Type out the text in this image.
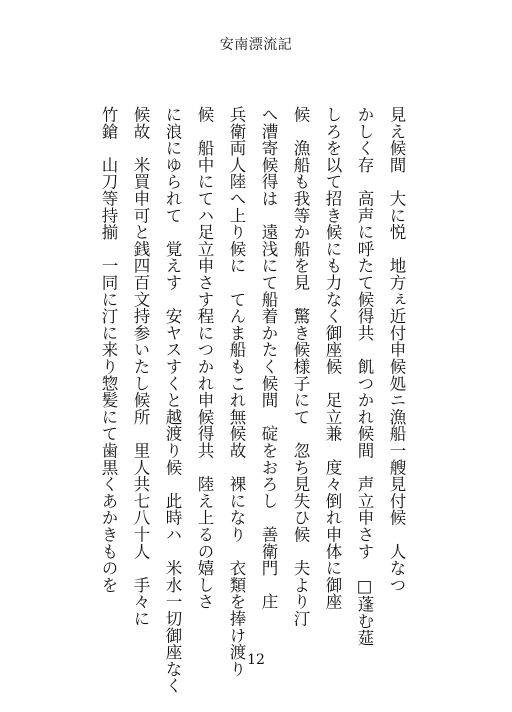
安南漂流記
見え候間　大に悦　地方ぇ近付申候処ニ漁船一艘見付候　人なつ
かしく存　高声に呼たて候得共　飢つかれ候間　声立申さす　□蓬む莚
しろを以て招き候にも力なく御座候　足立兼　度々倒れ申体に御座
候　漁船も我等か船を見　驚き候様子にて　忽ち見失ひ候　夫より汀
へ漕寄候得は　遠浅にて船着かたく候間　碇をおろし　善衛門　庄
兵衛両人陸へ上り候に　てんま船もこれ無候故　裸になり　衣類を捧け渡り
候　船中にてハ足立申さす程につかれ申候得共　陸え上るの嬉しさ
に浪にゆられて　覚えす　安ヤスすくと越渡り候　此時ハ　米水一切御座なく
候故　米買申可と銭四百文持参いたし候所　里人共七八十人　手々に
竹鎗　山刀等持揃　一同に汀に来り惣髪にて歯黒くあかきものを
12
